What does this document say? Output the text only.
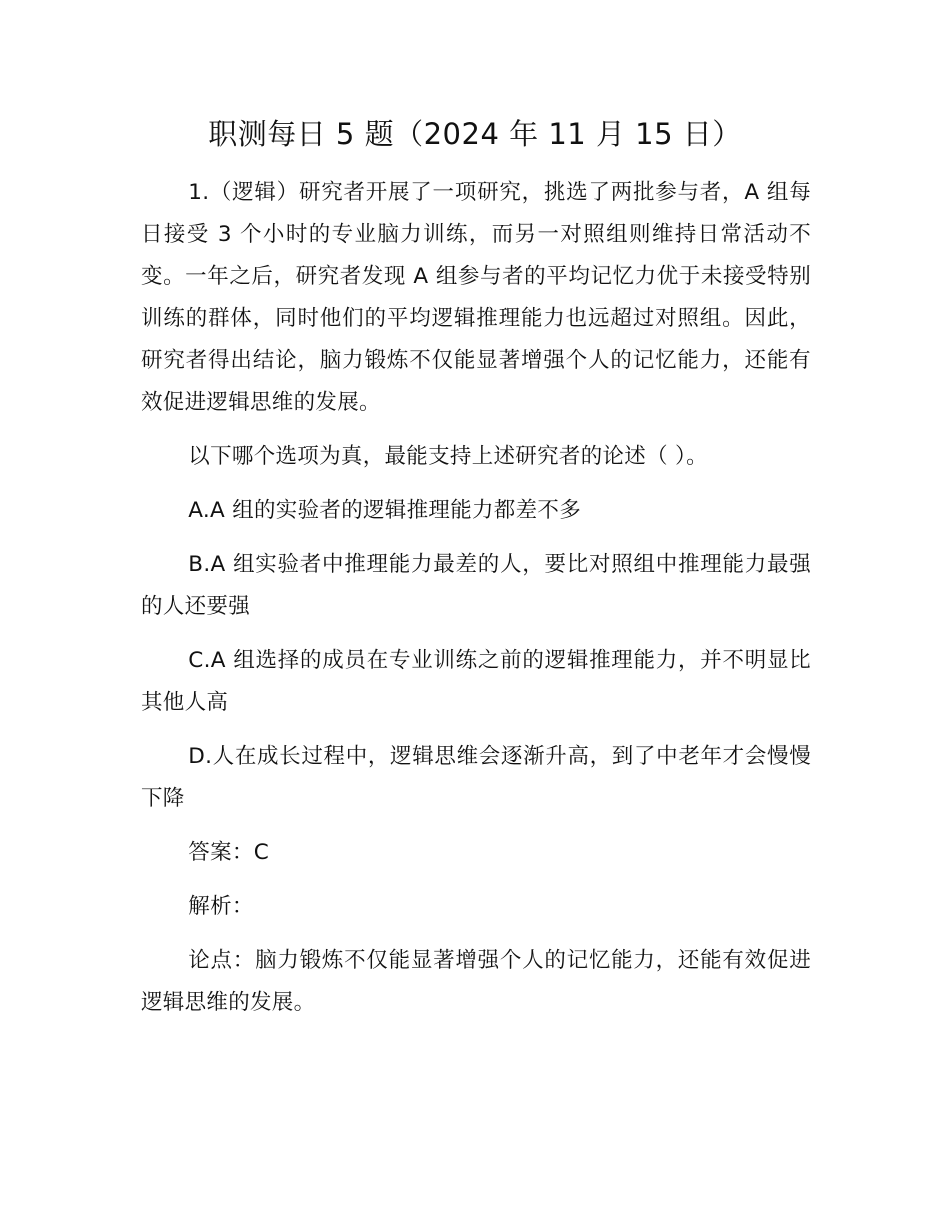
职测每日 5 题（2024 年 11 月 15 日）

1.（逻辑）研究者开展了一项研究，挑选了两批参与者，A 组每日接受 3 个小时的专业脑力训练，而另一对照组则维持日常活动不变。一年之后，研究者发现 A 组参与者的平均记忆力优于未接受特别训练的群体，同时他们的平均逻辑推理能力也远超过对照组。因此，研究者得出结论，脑力锻炼不仅能显著增强个人的记忆能力，还能有效促进逻辑思维的发展。

以下哪个选项为真，最能支持上述研究者的论述（ ）。

A.A 组的实验者的逻辑推理能力都差不多

B.A 组实验者中推理能力最差的人，要比对照组中推理能力最强的人还要强

C.A 组选择的成员在专业训练之前的逻辑推理能力，并不明显比其他人高

D.人在成长过程中，逻辑思维会逐渐升高，到了中老年才会慢慢下降

答案：C

解析：

论点：脑力锻炼不仅能显著增强个人的记忆能力，还能有效促进逻辑思维的发展。
